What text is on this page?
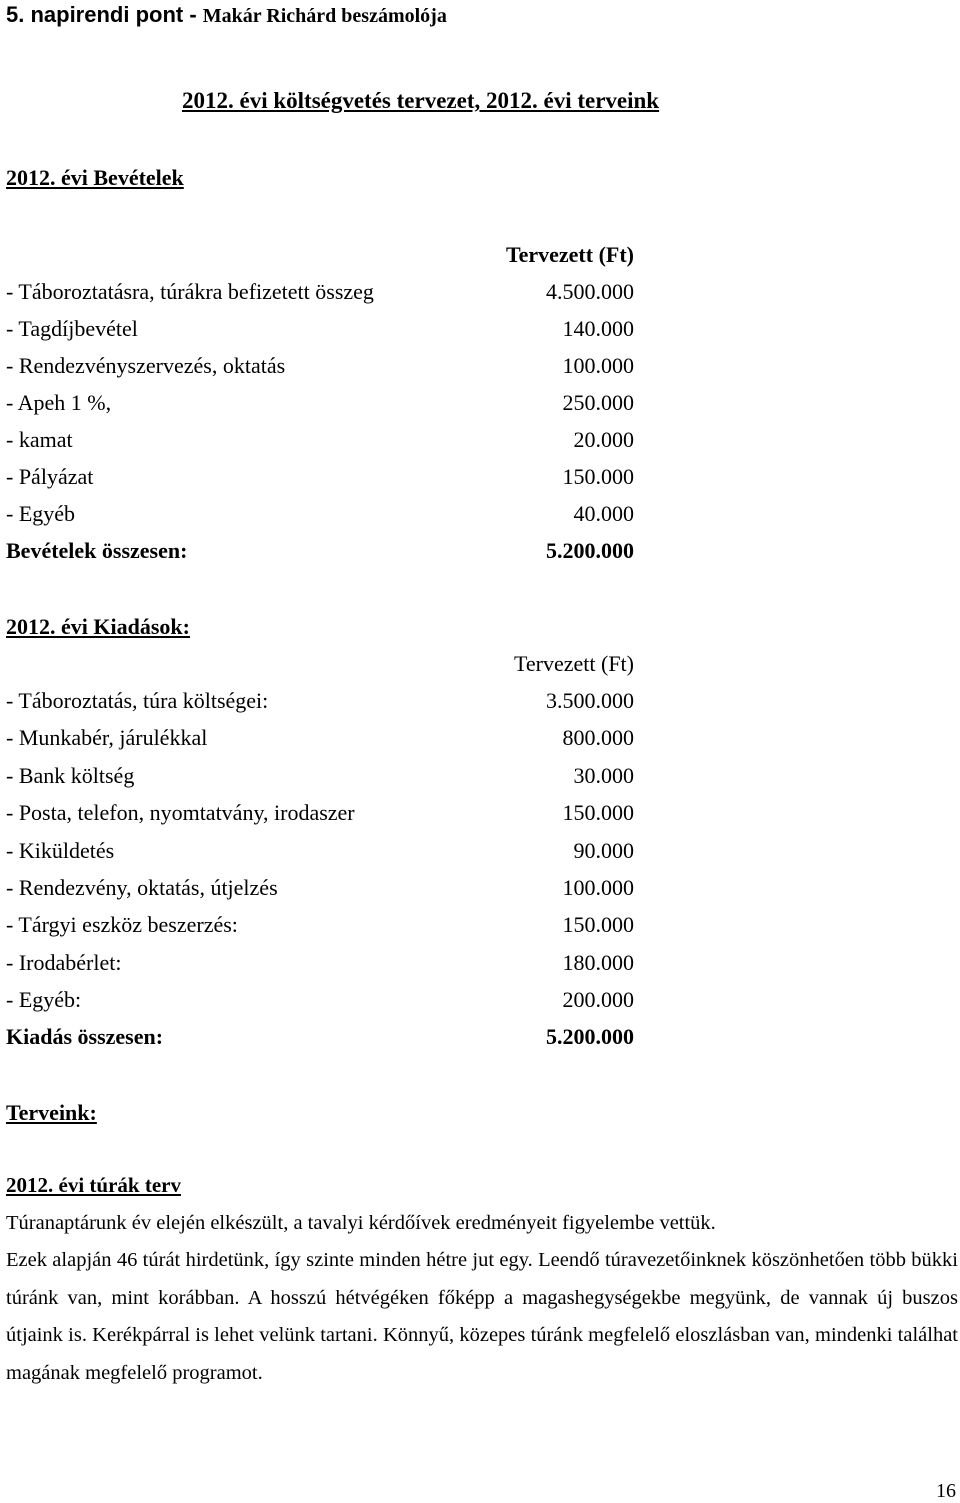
5. napirendi pont - Makár Richárd beszámolója
2012. évi költségvetés tervezet, 2012. évi terveink
2012. évi Bevételek
Tervezett (Ft)
- Táboroztatásra, túrákra befizetett összeg	4.500.000
- Tagdíjbevétel	140.000
- Rendezvényszervezés, oktatás	100.000
- Apeh 1 %,	250.000
- kamat	20.000
- Pályázat	150.000
- Egyéb	40.000
Bevételek összesen:	5.200.000
2012. évi Kiadások:
Tervezett (Ft)
- Táboroztatás, túra költségei:	3.500.000
- Munkabér, járulékkal	800.000
- Bank költség	30.000
- Posta, telefon, nyomtatvány, irodaszer	150.000
- Kiküldetés	90.000
- Rendezvény, oktatás, útjelzés	100.000
- Tárgyi eszköz beszerzés:	150.000
- Irodabérlet:	180.000
- Egyéb:	200.000
Kiadás összesen:	5.200.000
Terveink:
2012. évi túrák terv

Túranaptárunk év elején elkészült, a tavalyi kérdőívek eredményeit figyelembe vettük.

Ezek alapján 46 túrát hirdetünk, így szinte minden hétre jut egy. Leendő túravezetőinknek köszönhetően több bükki túránk van, mint korábban. A hosszú hétvégéken főképp a magashegységekbe megyünk, de vannak új buszos útjaink is. Kerékpárral is lehet velünk tartani. Könnyű, közepes túránk megfelelő eloszlásban van, mindenki találhat magának megfelelő programot.

16
